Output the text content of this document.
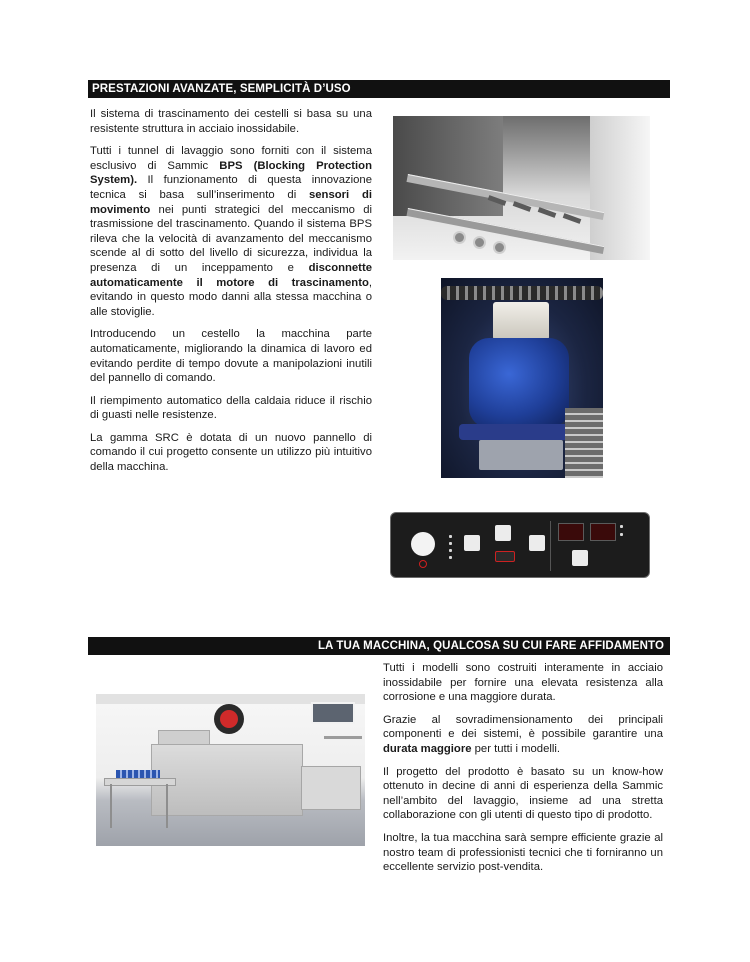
PRESTAZIONI AVANZATE, SEMPLICITÀ D’USO

Il sistema di trascinamento dei cestelli si basa su una resistente struttura in acciaio inossidabile.

Tutti i tunnel di lavaggio sono forniti con il sistema esclusivo di Sammic BPS (Blocking Protection System). Il funzionamento di questa innovazione tecnica si basa sull’inserimento di sensori di movimento nei punti strategici del meccanismo di trasmissione del trascinamento. Quando il sistema BPS rileva che la velocità di avanzamento del meccanismo scende al di sotto del livello di sicurezza, individua la presenza di un inceppamento e disconnette automaticamente il motore di trascinamento, evitando in questo modo danni alla stessa macchina o alle stoviglie.

Introducendo un cestello la macchina parte automaticamente, migliorando la dinamica di lavoro ed evitando perdite di tempo dovute a manipolazioni inutili del pannello di comando.

Il riempimento automatico della caldaia riduce il rischio di guasti nelle resistenze.

La gamma SRC è dotata di un nuovo pannello di comando il cui progetto consente un utilizzo più intuitivo della macchina.

LA TUA MACCHINA, QUALCOSA SU CUI FARE AFFIDAMENTO

Tutti i modelli sono costruiti interamente in acciaio inossidabile per fornire una elevata resistenza alla corrosione e una maggiore durata.

Grazie al sovradimensionamento dei principali componenti e dei sistemi, è possibile garantire una durata maggiore per tutti i modelli.

Il progetto del prodotto è basato su un know-how ottenuto in decine di anni di esperienza della Sammic nell’ambito del lavaggio, insieme ad una stretta collaborazione con gli utenti di questo tipo di prodotto.

Inoltre, la tua macchina sarà sempre efficiente grazie al nostro team di professionisti tecnici che ti forniranno un eccellente servizio post-vendita.
